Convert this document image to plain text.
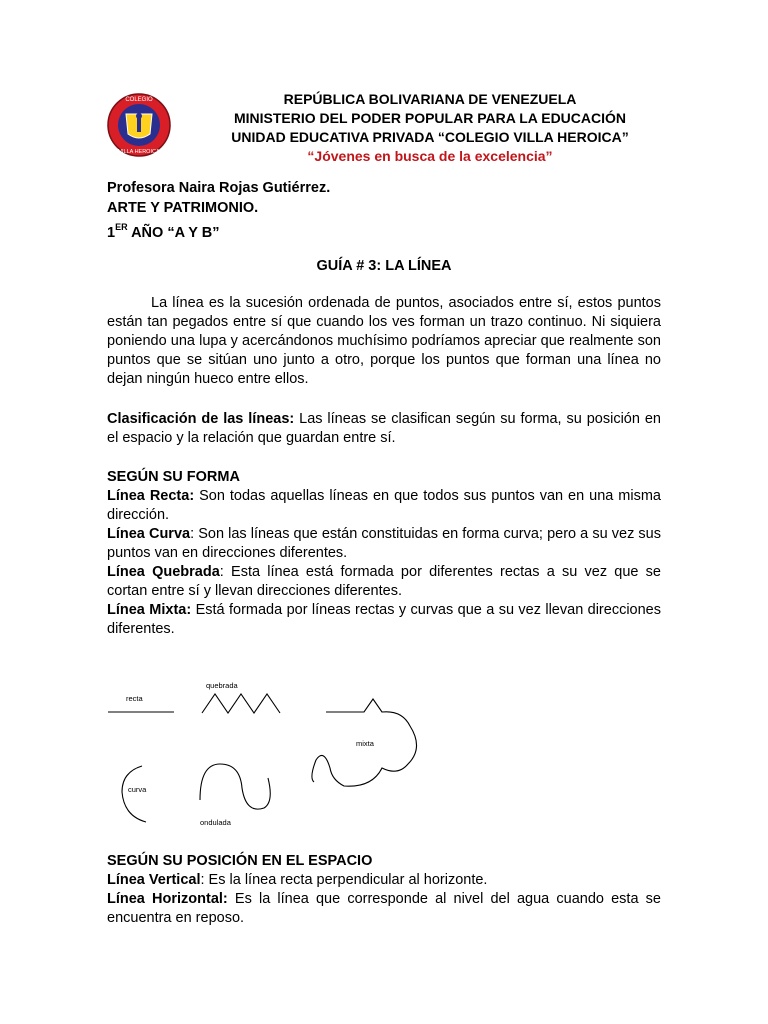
COLEGIO
VILLA HEROICA
REPÚBLICA BOLIVARIANA DE VENEZUELA
MINISTERIO DEL PODER POPULAR PARA LA EDUCACIÓN
UNIDAD EDUCATIVA PRIVADA “COLEGIO VILLA HEROICA”
“Jóvenes en busca de la excelencia”
Profesora Naira Rojas Gutiérrez.
ARTE Y PATRIMONIO.
1ER AÑO “A Y B”
GUÍA # 3: LA LÍNEA
La línea es la sucesión ordenada de puntos, asociados entre sí, estos puntos están tan pegados entre sí que cuando los ves forman un trazo continuo. Ni siquiera poniendo una lupa y acercándonos muchísimo podríamos apreciar que realmente son puntos que se sitúan uno junto a otro, porque los puntos que forman una línea no dejan ningún hueco entre ellos.
Clasificación de las líneas: Las líneas se clasifican según su forma, su posición en el espacio y la relación que guardan entre sí.
SEGÚN SU FORMA
Línea Recta: Son todas aquellas líneas en que todos sus puntos van en una misma dirección.
Línea Curva: Son las líneas que están constituidas en forma curva; pero a su vez sus puntos van en direcciones diferentes.
Línea Quebrada: Esta línea está formada por diferentes rectas a su vez que se cortan entre sí y llevan direcciones diferentes.
Línea Mixta: Está formada por líneas rectas y curvas que a su vez llevan direcciones diferentes.
recta
quebrada
mixta
curva
ondulada
SEGÚN SU POSICIÓN EN EL ESPACIO
Línea Vertical: Es la línea recta perpendicular al horizonte.
Línea Horizontal: Es la línea que corresponde al nivel del agua cuando esta se encuentra en reposo.
